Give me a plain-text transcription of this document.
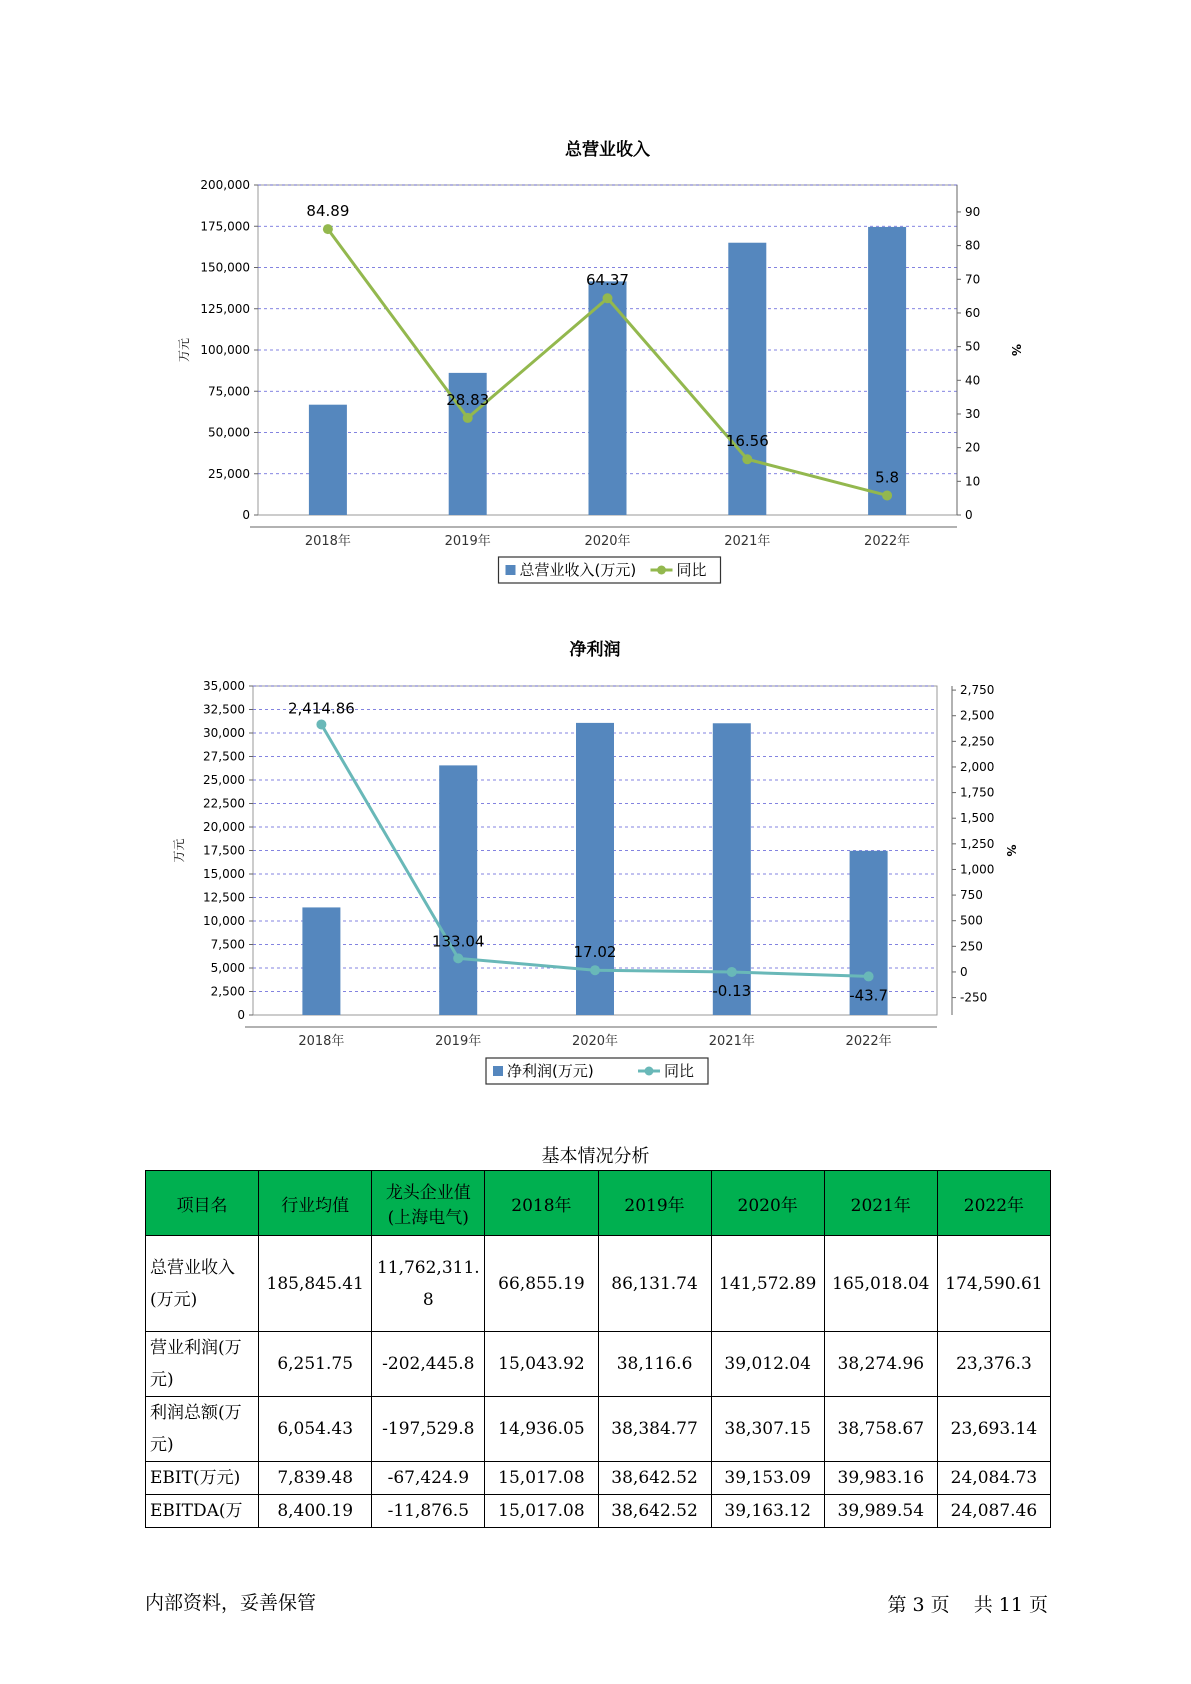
总营业收入
0
25,000
50,000
75,000
100,000
125,000
150,000
175,000
200,000
0
10
20
30
40
50
60
70
80
90
万元	%
2018年	2019年	2020年	2021年	2022年
84.89
28.83
64.37
16.56
5.8
总营业收入(万元)	同比
净利润
0
2,500
5,000
7,500
10,000
12,500
15,000
17,500
20,000
22,500
25,000
27,500
30,000
32,500
35,000
-250
0
250
500
750
1,000
1,250
1,500
1,750
2,000
2,250
2,500
2,750
万元	%
2018年	2019年	2020年	2021年	2022年
2,414.86
133.04
17.02
-0.13	-43.7
净利润(万元)	同比
基本情况分析
项目名	行业均值	龙头企业值(上海电气)	2018年	2019年	2020年	2021年	2022年
总营业收入(万元)	185,845.41	11,762,311.8	66,855.19	86,131.74	141,572.89	165,018.04	174,590.61
营业利润(万元)	6,251.75	-202,445.8	15,043.92	38,116.6	39,012.04	38,274.96	23,376.3
利润总额(万元)	6,054.43	-197,529.8	14,936.05	38,384.77	38,307.15	38,758.67	23,693.14
EBIT(万元)	7,839.48	-67,424.9	15,017.08	38,642.52	39,153.09	39,983.16	24,084.73
EBITDA(万	8,400.19	-11,876.5	15,017.08	38,642.52	39,163.12	39,989.54	24,087.46
内部资料，妥善保管	第 3 页 共 11 页
